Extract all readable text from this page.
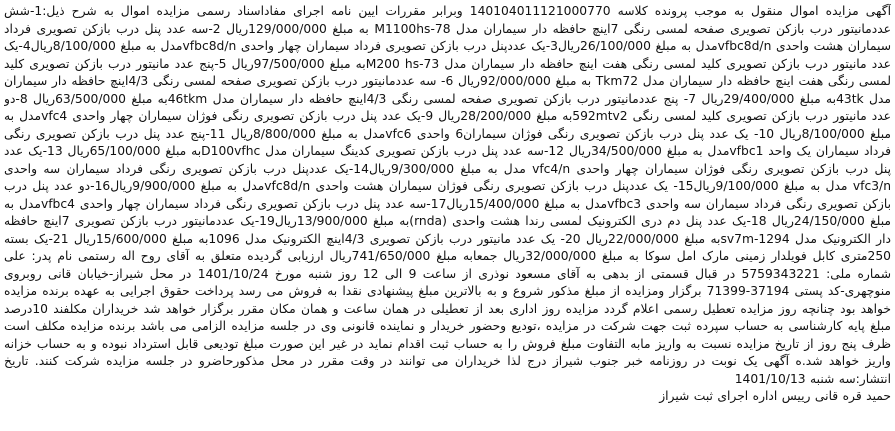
آگهی مزایده اموال منقول به موجب پرونده کلاسه 140104011121000770 وبرابر مقررات ایین نامه اجرای مفاداسناد رسمی مزایده اموال به شرح ذیل:1-شش عددمانیتور درب بازکن تصویری صفحه لمسی رنگی 7اینچ حافظه دار سیماران مدل M1100hs-78 به مبلغ 129/000/000ریال 2-سه عدد پنل درب بازکن تصویری فرداد سیماران هشت واحدی vfbc8d/nمدل به مبلغ 26/100/000ریال3-یک عددپنل درب بازکن تصویری فرداد سیماران چهار واحدی vfbc8d/nمدل به مبلغ 8/100/000ریال4-یک عدد مانیتور درب بازکن تصویری کلید لمسی رنگی هفت اینچ حافظه دار سیماران مدل M200 hs-73به مبلغ 97/500/000ریال 5-پنج عدد مانیتور درب بازکن تصویری کلید لمسی رنگی هفت اینچ حافظه دار سیماران مدل Tkm72 به مبلغ 92/000/000ریال 6- سه عددمانیتور درب بازکن تصویری صفحه لمسی رنگی 4/3اینچ حافظه دار سیماران مدل 43tkبه مبلغ 29/400/000ریال 7- پنج عددمانیتور درب بازکن تصویری صفحه لمسی رنگی 4/3اینچ حافظه دار سیماران مدل 46tkmبه مبلغ 63/500/000ریال 8-دو عدد مانیتور درب بازکن تصویری کلید لمسی رنگی 592mtv2به مبلغ 28/200/000ریال 9-یک عدد پنل درب بازکن تصویری رنگی فوژان سیماران چهار واحدی vfc4مدل به مبلغ 8/100/000ریال 10- یک عدد پنل درب بازکن تصویری رنگی فوژان سیماران6 واحدی vfc6مدل به مبلغ 8/800/000ریال 11-پنج عدد پنل درب بازکن تصویری رنگی فرداد سیماران یک واحد vfbc1مدل به مبلغ 34/500/000ریال 12-سه عدد پنل درب بازکن تصویری کدینگ سیماران مدل D100vfhcبه مبلغ 65/100/000ریال 13-یک عدد پنل درب بازکن تصویری رنگی فوژان سیماران چهار واحدی vfc4/n مدل به مبلغ 9/300/000ریال14-یک عددپنل درب بازکن تصویری رنگی فرداد سیماران سه واحدی vfc3/n مدل به مبلغ 9/100/000ریال15- یک عددپنل درب بازکن تصویری رنگی فوژان سیماران هشت واحدی vfc8d/nمدل به مبلغ 9/900/000ریال16-دو عدد پنل درب بازکن تصویری رنگی فرداد سیماران سه واحدی vfbc3مدل به مبلغ 15/400/000ریال17-سه عدد پنل درب بازکن تصویری رنگی فرداد سیماران چهار واحدی vfbc4مدل به مبلغ 24/150/000ریال 18-یک عدد پنل دم دری الکترونیک لمسی رندا هشت واحدی (rnda)به مبلغ 13/900/000ریال19-یک عددمانیتور درب بازکن تصویری 7اینچ حافظه دار الکترونیک مدل sv7m-1294به مبلغ 22/000/000ریال 20- یک عدد مانیتور درب بازکن تصویری 4/3اینچ الکترونیک مدل 1096به مبلغ 15/600/000ریال 21-یک بسته 250متری کابل فویلدار زمینی مارک امل سوکا به مبلغ 32/000/000ریال جمعابه مبلغ 741/650/000ریال ارزیابی گردیده متعلق به آقای روح اله رستمی نام پدر: علی شماره ملی: 5759343221 در قبال قسمتی از بدهی به آقای مسعود نوذری از ساعت 9 الی 12 روز شنبه مورخ 1401/10/24 در محل شیراز-خیابان قانی روبروی منوچهری-کد پستی 37194-71399 برگزار ومزایده از مبلغ مذکور شروع و به بالاترین مبلغ پیشنهادی نقدا به فروش می رسد پرداخت حقوق اجرایی به عهده برنده مزایده خواهد بود چنانچه روز مزایده تعطیل رسمی اعلام گردد مزایده روز اداری بعد از تعطیلی در همان ساعت و همان مکان مقرر برگزار خواهد شد خریداران مکلفند 10درصد مبلغ پایه کارشناسی به حساب سپرده ثبت جهت شرکت در مزایده ،تودیع وحضور خریدار و نماینده قانونی وی در جلسه مزایده الزامی می باشد برنده مزایده مکلف است ظرف پنج روز از تاریخ مزایده نسبت به واریز مابه التفاوت مبلغ فروش را به حساب ثبت اقدام نماید در غیر این صورت مبلغ تودیعی قابل استرداد نبوده و به حساب خزانه واریز خواهد شد.ه آگهی یک نوبت در روزنامه خبر جنوب شیراز درج لذا خریداران می توانند در وقت مقرر در محل مذکورحاضرو در جلسه مزایده شرکت کنند. تاریخ انتشار:سه شنبه 1401/10/13
حمید قره قانی رییس اداره اجرای ثبت شیراز
